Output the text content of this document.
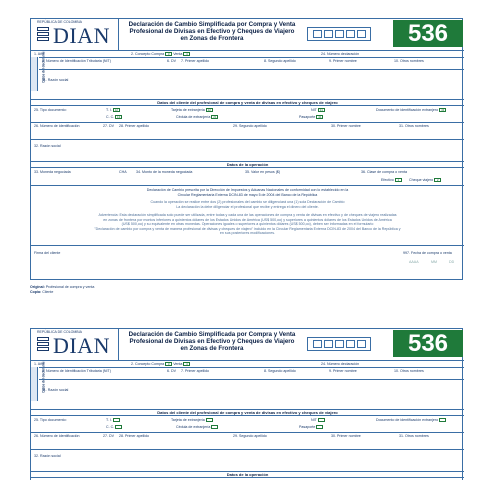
REPÚBLICA DE COLOMBIA
DIAN	Declaración de Cambio Simplificada por Compra y Venta
Profesional de Divisas en Efectivo y Cheques de Viajero
en Zonas de Frontera	536
1. Año	2. Concepto Compra 3 Venta 4	24. Número declaración
Datos del declarante
5. Número de Identificación Tributaria (NIT)	6. DV 7. Primer apellido	8. Segundo apellido	9. Primer nombre	10. Otros nombres
11. Razón social
Datos del cliente del profesional de compra y venta de divisas en efectivo y cheques de viajero
25. Tipo documento:	T. I. 12	Tarjeta de extranjería 22	NIT 31	Documento de identificación extranjero 43
C. C. 13	Cédula de extranjería 21	Pasaporte 41
26. Número de identificación	27. DV 28. Primer apellido	29. Segundo apellido	30. Primer nombre	31. Otros nombres
32. Razón social
Datos de la operación
33. Moneda negociada	CHA	34. Monto de la moneda negociada	35. Valor en pesos ($)	36. Clase de compra o venta
Efectivo 1	Cheque viajero 2
Declaración de Cambio prescrita por la Dirección de Impuestos y Aduanas Nacionales de conformidad con lo establecido en la
Circular Reglamentaria Externa DCIN-83 de mayo 5 de 2004 del Banco de la República
Cuando la operación se realice entre dos (2) profesionales del cambio se diligenciará una (1) sola Declaración de Cambio
La declaración la debe diligenciar el profesional que recibe y entrega el dinero del cliente.
Advertencia: Esta declaración simplificada solo puede ser utilizada, entre todas y cada una de las operaciones de compra y venta de divisas en efectivo y de cheques de viajero realizadas
en zonas de frontera por montos inferiores a quinientos dólares de los Estados Unidos de América (US$ 500,oo) y superiores a quinientos dólares de los Estados Unidos de América
(US$ 500,oo) y su equivalente en otras monedas. Operaciones iguales o superiores a quinientos dólares (US$ 500,oo), deben ser informadas en el formulario
"Declaración de cambio por compra y venta de manera profesional de divisas y cheques de viajero" incluido en la Circular Reglamentaria Externa DCIN-83 de 2004 del Banco de la República y
en sus posteriores modificaciones.
Firma del cliente	997. Fecha de compra o venta
AAAA	MM	DD
Original: Profesional de compra y venta
Copia: Cliente
REPÚBLICA DE COLOMBIA
DIAN	Declaración de Cambio Simplificada por Compra y Venta
Profesional de Divisas en Efectivo y Cheques de Viajero
en Zonas de Frontera	536
1. Año	2. Concepto Compra 3 Venta 4	24. Número declaración
Datos del declarante
5. Número de Identificación Tributaria (NIT)	6. DV 7. Primer apellido	8. Segundo apellido	9. Primer nombre	10. Otros nombres
11. Razón social
Datos del cliente del profesional de compra y venta de divisas en efectivo y cheques de viajero
25. Tipo documento:	T. I.	Tarjeta de extranjería	NIT	Documento de identificación extranjero
C. C.	Cédula de extranjería	Pasaporte
26. Número de identificación	27. DV 28. Primer apellido	29. Segundo apellido	30. Primer nombre	31. Otros nombres
32. Razón social
Datos de la operación
